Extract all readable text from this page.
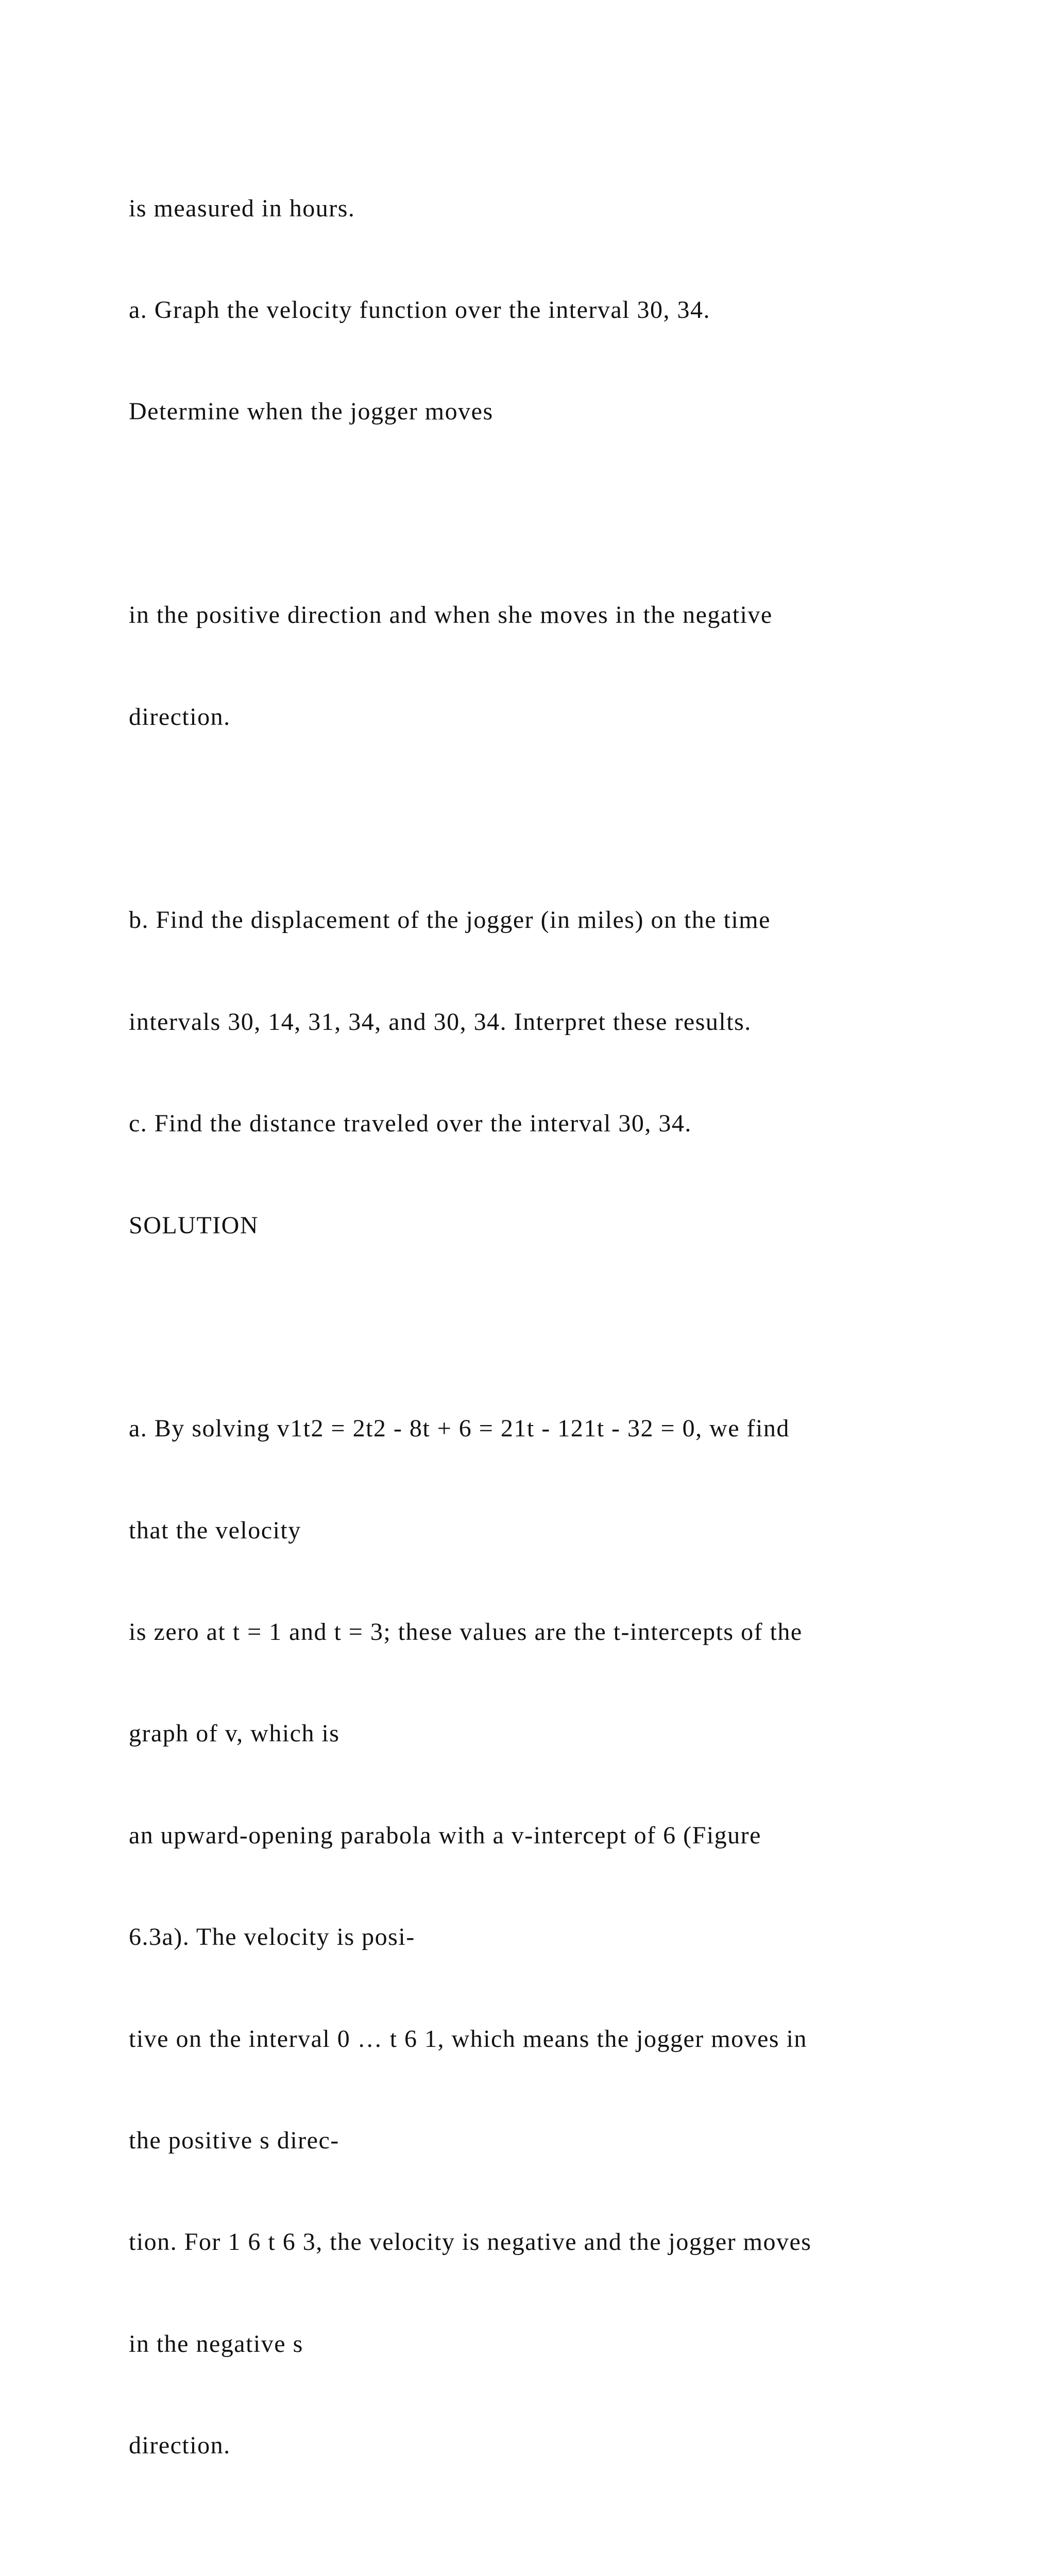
is measured in hours.

a. Graph the velocity function over the interval 30, 34.

Determine when the jogger moves

in the positive direction and when she moves in the negative

direction.

b. Find the displacement of the jogger (in miles) on the time

intervals 30, 14, 31, 34, and 30, 34. Interpret these results.

c. Find the distance traveled over the interval 30, 34.

SOLUTION

a. By solving v1t2 = 2t2 - 8t + 6 = 21t - 121t - 32 = 0, we find

that the velocity

is zero at t = 1 and t = 3; these values are the t-intercepts of the

graph of v, which is

an upward-opening parabola with a v-intercept of 6 (Figure

6.3a). The velocity is posi-

tive on the interval 0 … t 6 1, which means the jogger moves in

the positive s direc-

tion. For 1 6 t 6 3, the velocity is negative and the jogger moves

in the negative s

direction.
